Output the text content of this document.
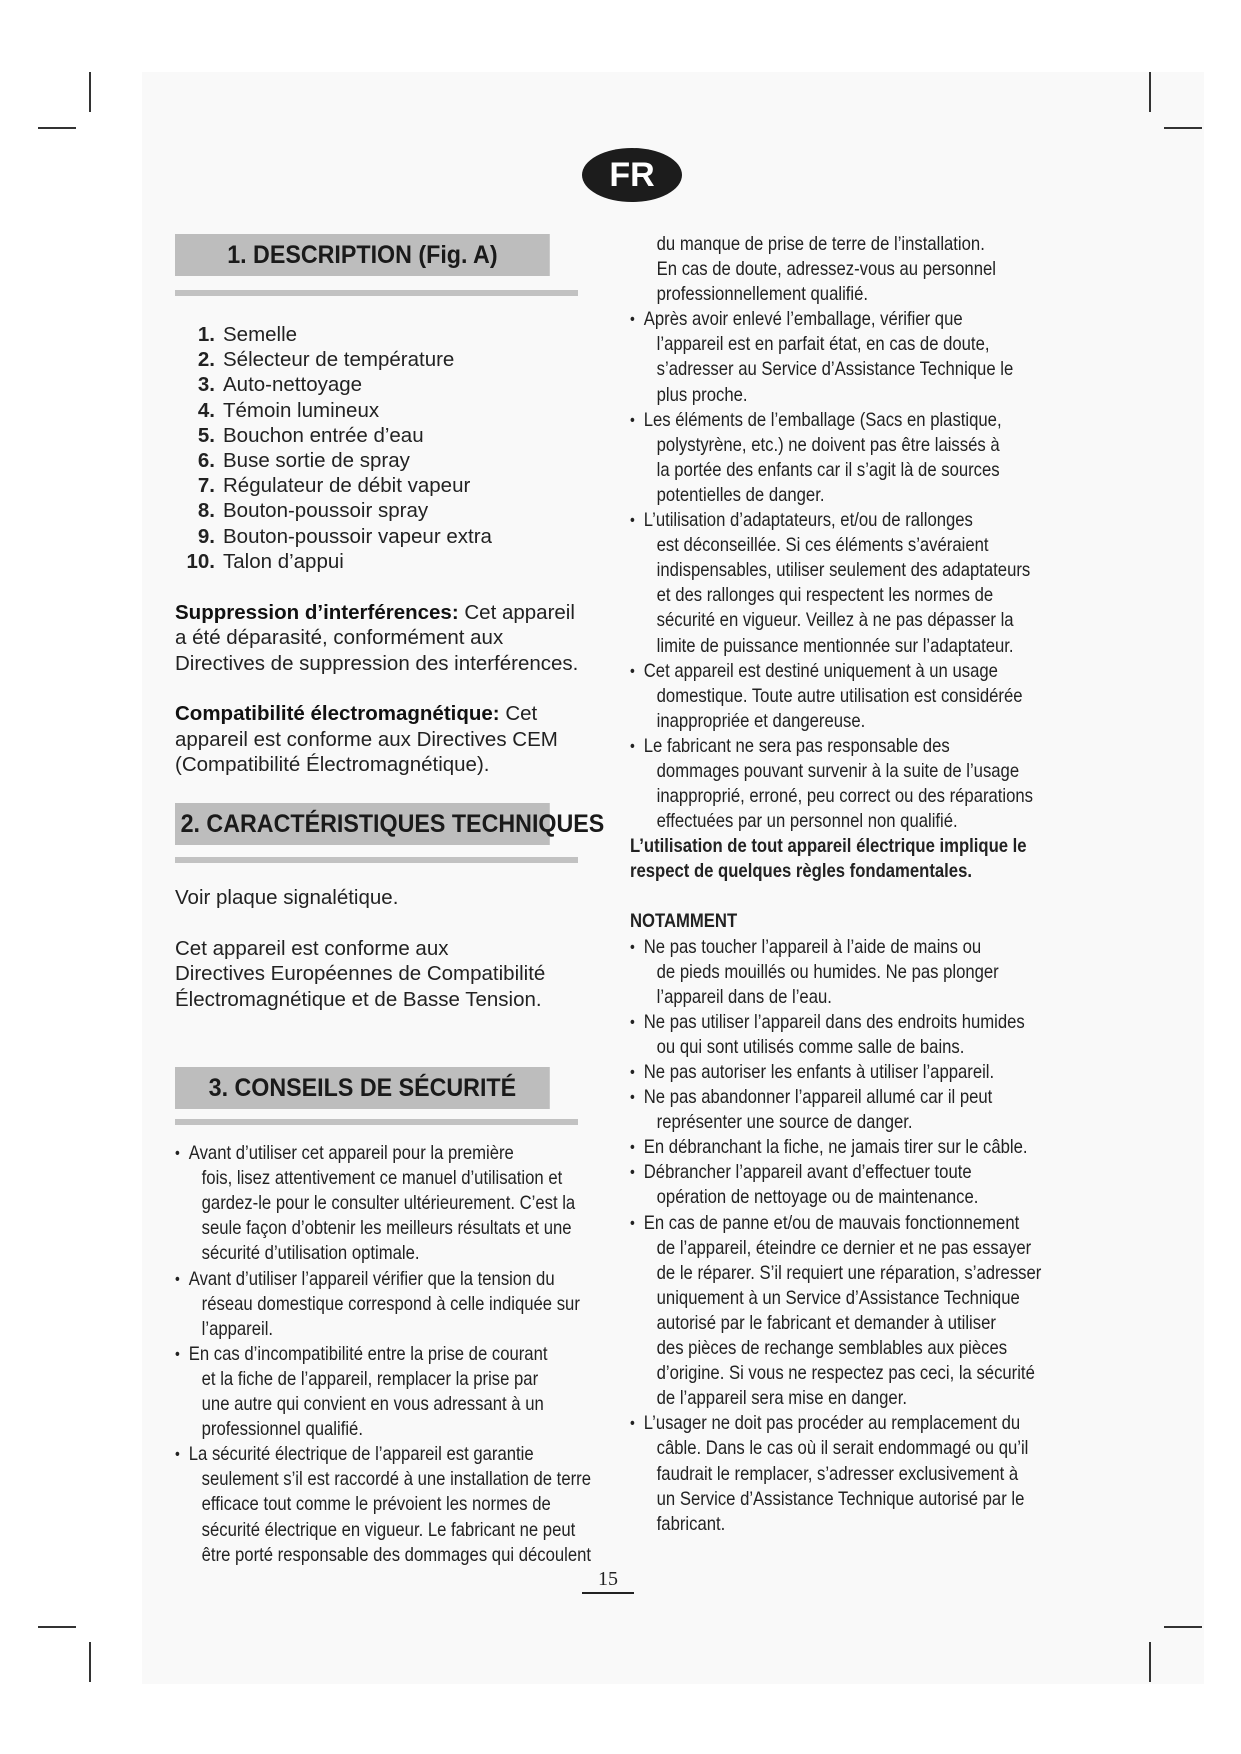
FR
1. DESCRIPTION (Fig. A)
1. Semelle
2. Sélecteur de température
3. Auto-nettoyage
4. Témoin lumineux
5. Bouchon entrée d’eau
6. Buse sortie de spray
7. Régulateur de débit vapeur
8. Bouton-poussoir spray
9. Bouton-poussoir vapeur extra
10. Talon d’appui

Suppression d’interférences: Cet appareil
a été déparasité, conformément aux
Directives de suppression des interférences.

Compatibilité électromagnétique: Cet
appareil est conforme aux Directives CEM
(Compatibilité Électromagnétique).

2. CARACTÉRISTIQUES TECHNIQUES

Voir plaque signalétique.

Cet appareil est conforme aux
Directives Européennes de Compatibilité
Électromagnétique et de Basse Tension.

3. CONSEILS DE SÉCURITÉ
• Avant d’utiliser cet appareil pour la première
fois, lisez attentivement ce manuel d’utilisation et
gardez-le pour le consulter ultérieurement. C’est la
seule façon d’obtenir les meilleurs résultats et une
sécurité d’utilisation optimale.
• Avant d’utiliser l’appareil vérifier que la tension du
réseau domestique correspond à celle indiquée sur
l’appareil.
• En cas d’incompatibilité entre la prise de courant
et la fiche de l’appareil, remplacer la prise par
une autre qui convient en vous adressant à un
professionnel qualifié.
• La sécurité électrique de l’appareil est garantie
seulement s’il est raccordé à une installation de terre
efficace tout comme le prévoient les normes de
sécurité électrique en vigueur. Le fabricant ne peut
être porté responsable des dommages qui découlent
du manque de prise de terre de l’installation.
En cas de doute, adressez-vous au personnel
professionnellement qualifié.

• Après avoir enlevé l’emballage, vérifier que
l’appareil est en parfait état, en cas de doute,
s’adresser au Service d’Assistance Technique le
plus proche.
• Les éléments de l’emballage (Sacs en plastique,
polystyrène, etc.) ne doivent pas être laissés à
la portée des enfants car il s’agit là de sources
potentielles de danger.
• L’utilisation d’adaptateurs, et/ou de rallonges
est déconseillée. Si ces éléments s’avéraient
indispensables, utiliser seulement des adaptateurs
et des rallonges qui respectent les normes de
sécurité en vigueur. Veillez à ne pas dépasser la
limite de puissance mentionnée sur l’adaptateur.
• Cet appareil est destiné uniquement à un usage
domestique. Toute autre utilisation est considérée
inappropriée et dangereuse.
• Le fabricant ne sera pas responsable des
dommages pouvant survenir à la suite de l’usage
inapproprié, erroné, peu correct ou des réparations
effectuées par un personnel non qualifié.

L’utilisation de tout appareil électrique implique le
respect de quelques règles fondamentales.

NOTAMMENT

• Ne pas toucher l’appareil à l’aide de mains ou
de pieds mouillés ou humides. Ne pas plonger
l’appareil dans de l’eau.
• Ne pas utiliser l’appareil dans des endroits humides
ou qui sont utilisés comme salle de bains.
• Ne pas autoriser les enfants à utiliser l’appareil.
• Ne pas abandonner l’appareil allumé car il peut
représenter une source de danger.
• En débranchant la fiche, ne jamais tirer sur le câble.
• Débrancher l’appareil avant d’effectuer toute
opération de nettoyage ou de maintenance.
• En cas de panne et/ou de mauvais fonctionnement
de l’appareil, éteindre ce dernier et ne pas essayer
de le réparer. S’il requiert une réparation, s’adresser
uniquement à un Service d’Assistance Technique
autorisé par le fabricant et demander à utiliser
des pièces de rechange semblables aux pièces
d’origine. Si vous ne respectez pas ceci, la sécurité
de l’appareil sera mise en danger.
• L’usager ne doit pas procéder au remplacement du
câble. Dans le cas où il serait endommagé ou qu’il
faudrait le remplacer, s’adresser exclusivement à
un Service d’Assistance Technique autorisé par le
fabricant.
15
